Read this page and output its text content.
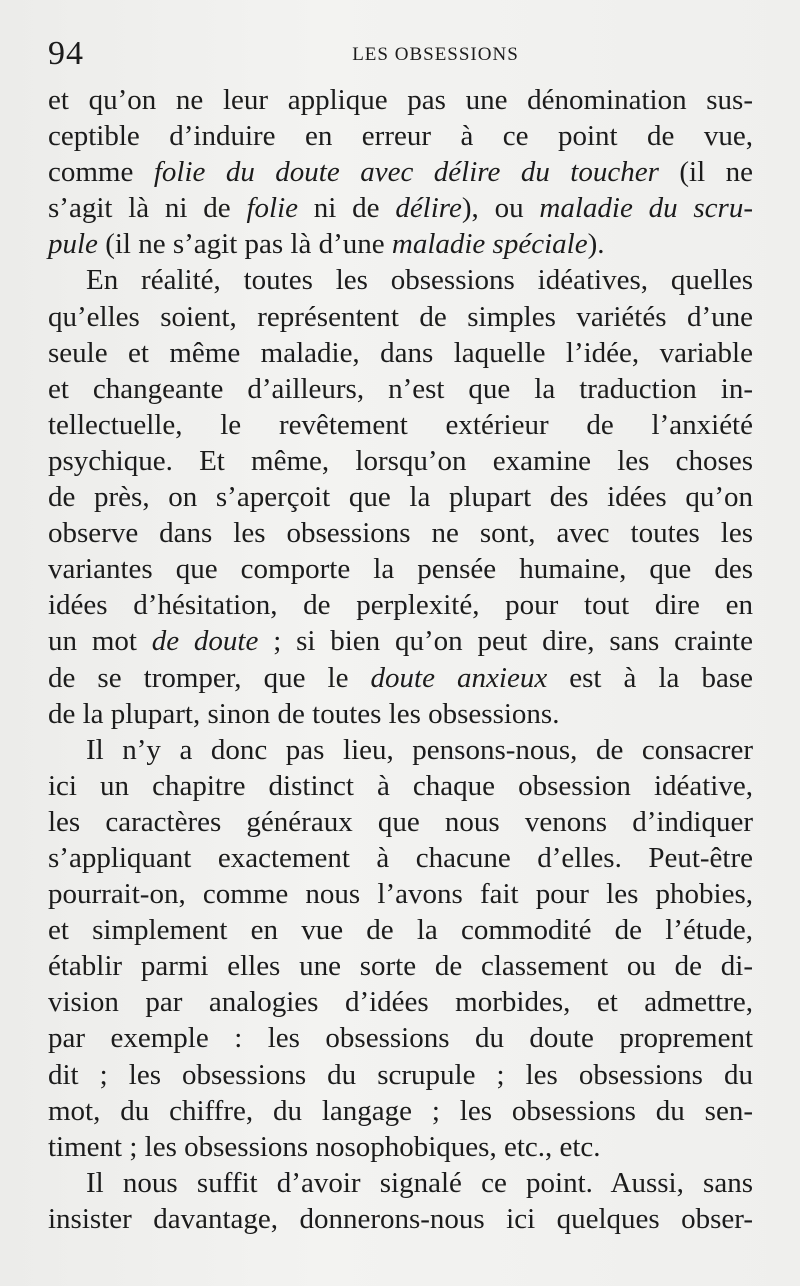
94	LES OBSESSIONS
et qu’on ne leur applique pas une dénomination sus-
ceptible d’induire en erreur à ce point de vue,
comme folie du doute avec délire du toucher (il ne
s’agit là ni de folie ni de délire), ou maladie du scru-
pule (il ne s’agit pas là d’une maladie spéciale).
En réalité, toutes les obsessions idéatives, quelles
qu’elles soient, représentent de simples variétés d’une
seule et même maladie, dans laquelle l’idée, variable
et changeante d’ailleurs, n’est que la traduction in-
tellectuelle, le revêtement extérieur de l’anxiété
psychique. Et même, lorsqu’on examine les choses
de près, on s’aperçoit que la plupart des idées qu’on
observe dans les obsessions ne sont, avec toutes les
variantes que comporte la pensée humaine, que des
idées d’hésitation, de perplexité, pour tout dire en
un mot de doute ; si bien qu’on peut dire, sans crainte
de se tromper, que le doute anxieux est à la base
de la plupart, sinon de toutes les obsessions.
Il n’y a donc pas lieu, pensons-nous, de consacrer
ici un chapitre distinct à chaque obsession idéative,
les caractères généraux que nous venons d’indiquer
s’appliquant exactement à chacune d’elles. Peut-être
pourrait-on, comme nous l’avons fait pour les phobies,
et simplement en vue de la commodité de l’étude,
établir parmi elles une sorte de classement ou de di-
vision par analogies d’idées morbides, et admettre,
par exemple : les obsessions du doute proprement
dit ; les obsessions du scrupule ; les obsessions du
mot, du chiffre, du langage ; les obsessions du sen-
timent ; les obsessions nosophobiques, etc., etc.
Il nous suffit d’avoir signalé ce point. Aussi, sans
insister davantage, donnerons-nous ici quelques obser-
